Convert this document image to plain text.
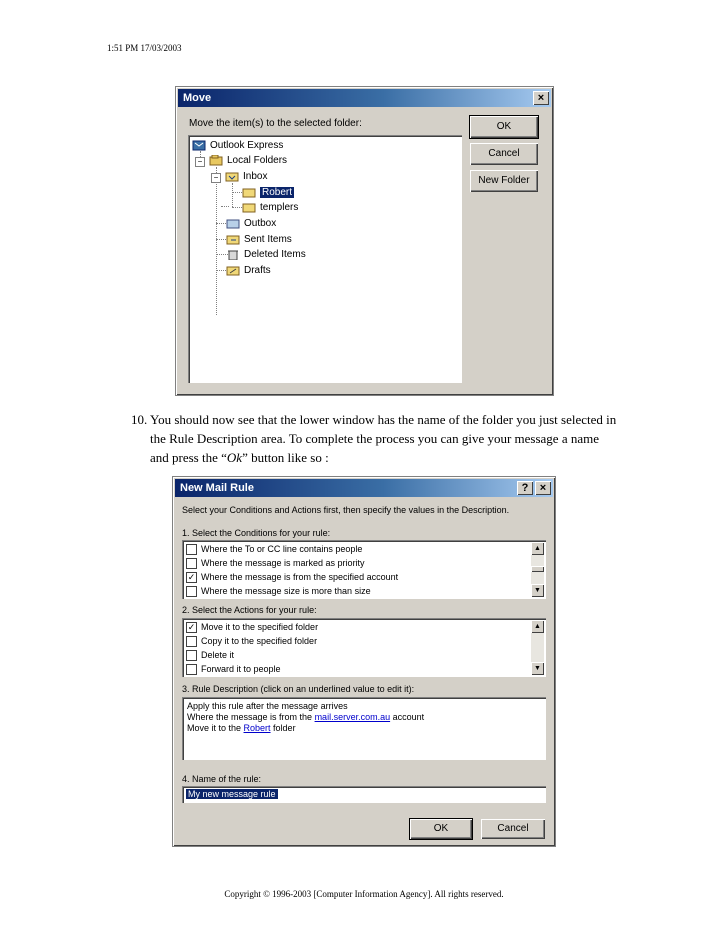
1:51 PM 17/03/2003
Move	×
Move the item(s) to the selected folder:
Outlook Express
−	Local Folders
−	Inbox
Robert
templers
Outbox
Sent Items
Deleted Items
Drafts
OK
Cancel
New Folder
10. You should now see that the lower window has the name of the folder you just selected in the Rule Description area. To complete the process you can give your message a name and press the “Ok” button like so :
New Mail Rule	?	×
Select your Conditions and Actions first, then specify the values in the Description.
1. Select the Conditions for your rule:
Where the To or CC line contains people
Where the message is marked as priority
✓ Where the message is from the specified account
Where the message size is more than size
▲
▼
2. Select the Actions for your rule:
✓ Move it to the specified folder
Copy it to the specified folder
Delete it
Forward it to people
▲
▼
3. Rule Description (click on an underlined value to edit it):
Apply this rule after the message arrives
Where the message is from the mail.server.com.au account
Move it to the Robert folder
4. Name of the rule:
My new message rule
OK	Cancel
Copyright © 1996-2003 [Computer Information Agency]. All rights reserved.
